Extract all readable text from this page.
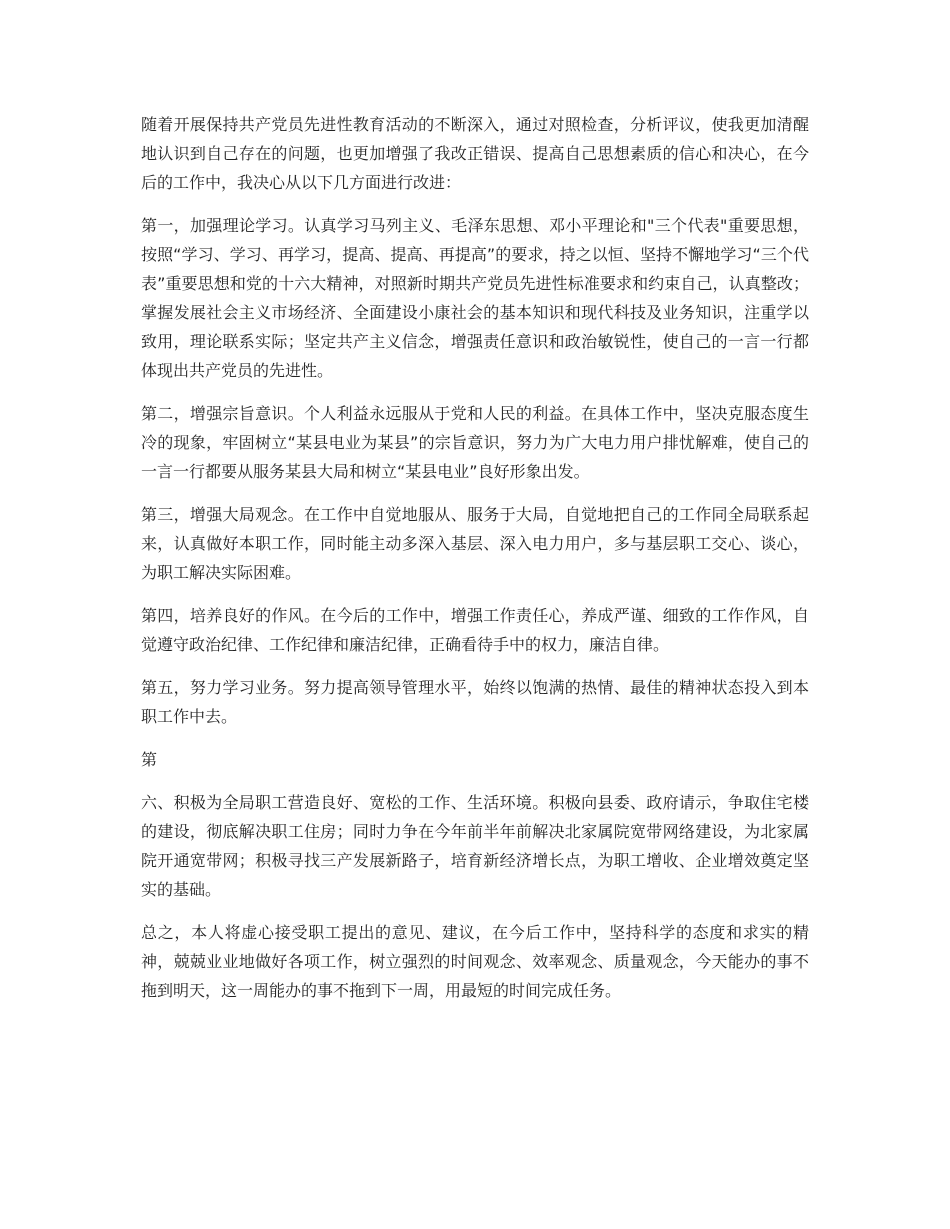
随着开展保持共产党员先进性教育活动的不断深入，通过对照检查，分析评议，使我更加清醒地认识到自己存在的问题，也更加增强了我改正错误、提高自己思想素质的信心和决心，在今后的工作中，我决心从以下几方面进行改进：

第一，加强理论学习。认真学习马列主义、毛泽东思想、邓小平理论和"三个代表"重要思想，按照“学习、学习、再学习，提高、提高、再提高”的要求，持之以恒、坚持不懈地学习“三个代表”重要思想和党的十六大精神，对照新时期共产党员先进性标准要求和约束自己，认真整改；掌握发展社会主义市场经济、全面建设小康社会的基本知识和现代科技及业务知识，注重学以致用，理论联系实际；坚定共产主义信念，增强责任意识和政治敏锐性，使自己的一言一行都体现出共产党员的先进性。

第二，增强宗旨意识。个人利益永远服从于党和人民的利益。在具体工作中，坚决克服态度生冷的现象，牢固树立“某县电业为某县”的宗旨意识，努力为广大电力用户排忧解难，使自己的一言一行都要从服务某县大局和树立“某县电业”良好形象出发。

第三，增强大局观念。在工作中自觉地服从、服务于大局，自觉地把自己的工作同全局联系起来，认真做好本职工作，同时能主动多深入基层、深入电力用户，多与基层职工交心、谈心，为职工解决实际困难。

第四，培养良好的作风。在今后的工作中，增强工作责任心，养成严谨、细致的工作作风，自觉遵守政治纪律、工作纪律和廉洁纪律，正确看待手中的权力，廉洁自律。

第五，努力学习业务。努力提高领导管理水平，始终以饱满的热情、最佳的精神状态投入到本职工作中去。

第

六、积极为全局职工营造良好、宽松的工作、生活环境。积极向县委、政府请示，争取住宅楼的建设，彻底解决职工住房；同时力争在今年前半年前解决北家属院宽带网络建设，为北家属院开通宽带网；积极寻找三产发展新路子，培育新经济增长点，为职工增收、企业增效奠定坚实的基础。

总之，本人将虚心接受职工提出的意见、建议，在今后工作中，坚持科学的态度和求实的精神，兢兢业业地做好各项工作，树立强烈的时间观念、效率观念、质量观念，今天能办的事不拖到明天，这一周能办的事不拖到下一周，用最短的时间完成任务。
